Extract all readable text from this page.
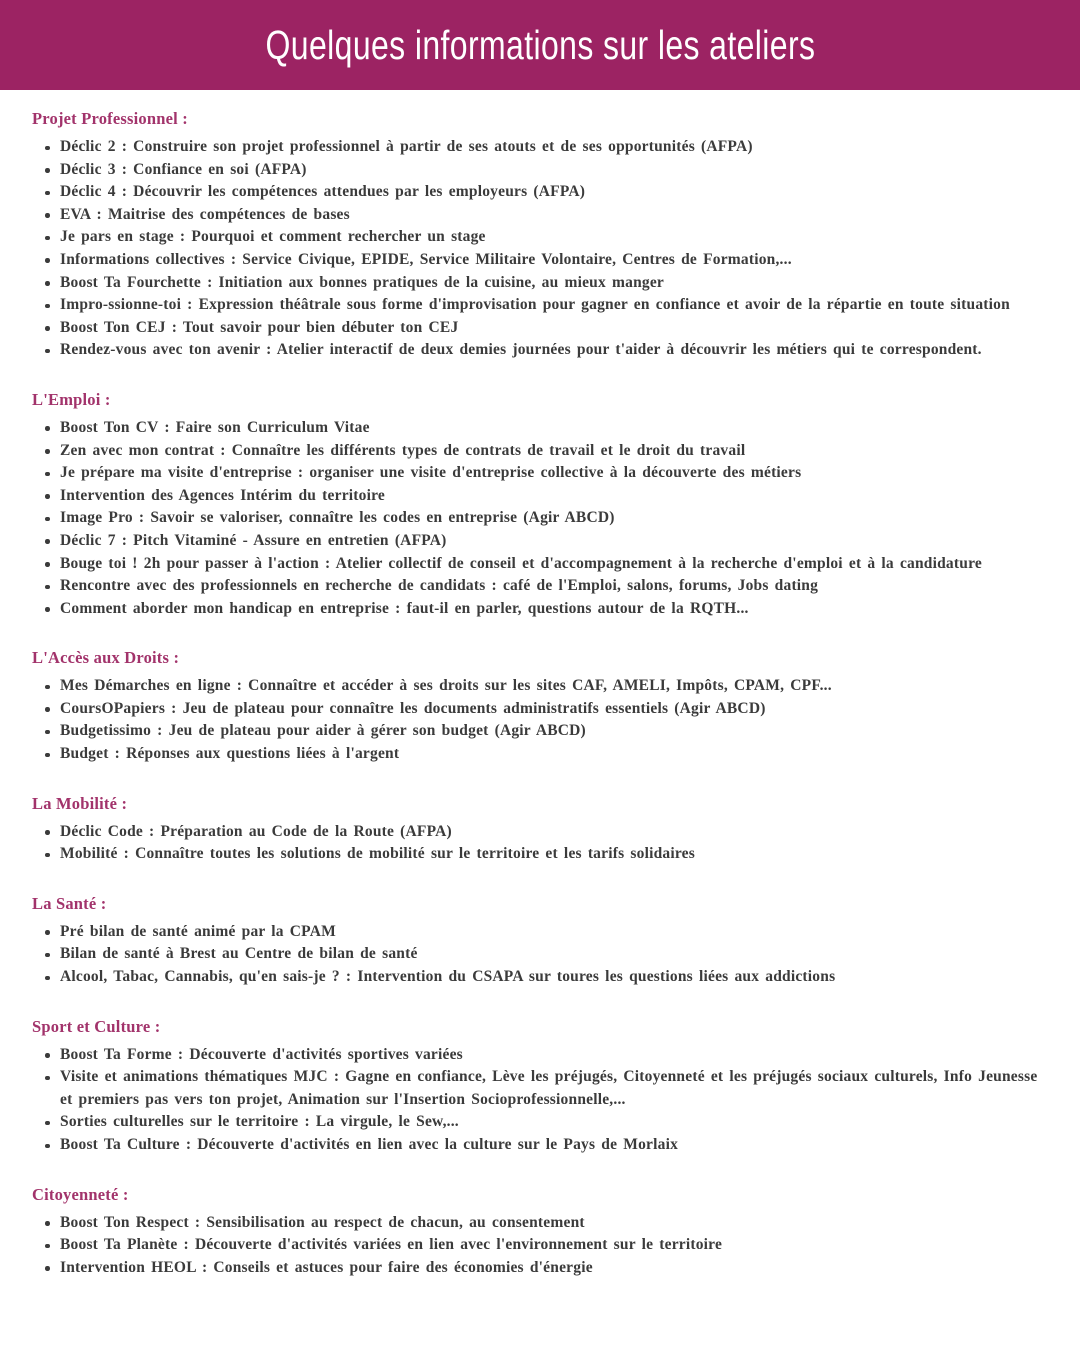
Quelques informations sur les ateliers
Projet Professionnel :
Déclic 2 : Construire son projet professionnel à partir de ses atouts et de ses opportunités (AFPA)
Déclic 3 : Confiance en soi (AFPA)
Déclic 4 : Découvrir les compétences attendues par les employeurs (AFPA)
EVA : Maitrise des compétences de bases
Je pars en stage : Pourquoi et comment rechercher un stage
Informations collectives : Service Civique, EPIDE, Service Militaire Volontaire, Centres de Formation,...
Boost Ta Fourchette : Initiation aux bonnes pratiques de la cuisine, au mieux manger
Impro-ssionne-toi : Expression théâtrale sous forme d'improvisation pour gagner en confiance et avoir de la répartie en toute situation
Boost Ton CEJ : Tout savoir pour bien débuter ton CEJ
Rendez-vous avec ton avenir : Atelier interactif de deux demies journées pour t'aider à découvrir les métiers qui te correspondent.
L'Emploi :
Boost Ton CV : Faire son Curriculum Vitae
Zen avec mon contrat : Connaître les différents types de contrats de travail et le droit du travail
Je prépare ma visite d'entreprise : organiser une visite d'entreprise collective à la découverte des métiers
Intervention des Agences Intérim du territoire
Image Pro : Savoir se valoriser, connaître les codes en entreprise (Agir ABCD)
Déclic 7 : Pitch Vitaminé - Assure en entretien (AFPA)
Bouge toi ! 2h pour passer à l'action : Atelier collectif de conseil et d'accompagnement à la recherche d'emploi et à la candidature
Rencontre avec des professionnels en recherche de candidats : café de l'Emploi, salons, forums, Jobs dating
Comment aborder mon handicap en entreprise : faut-il en parler, questions autour de la RQTH...
L'Accès aux Droits :
Mes Démarches en ligne : Connaître et accéder à ses droits sur les sites CAF, AMELI, Impôts, CPAM, CPF...
CoursOPapiers : Jeu de plateau pour connaître les documents administratifs essentiels (Agir ABCD)
Budgetissimo : Jeu de plateau pour aider à gérer son budget (Agir ABCD)
Budget : Réponses aux questions liées à l'argent
La Mobilité :
Déclic Code : Préparation au Code de la Route (AFPA)
Mobilité : Connaître toutes les solutions de mobilité sur le territoire et les tarifs solidaires
La Santé :
Pré bilan de santé animé par la CPAM
Bilan de santé à Brest au Centre de bilan de santé
Alcool, Tabac, Cannabis, qu'en sais-je ? : Intervention du CSAPA sur toures les questions liées aux addictions
Sport et Culture :
Boost Ta Forme : Découverte d'activités sportives variées
Visite et animations thématiques MJC : Gagne en confiance, Lève les préjugés, Citoyenneté et les préjugés sociaux culturels, Info Jeunesse et premiers pas vers ton projet, Animation sur l'Insertion Socioprofessionnelle,...
Sorties culturelles sur le territoire : La virgule, le Sew,...
Boost Ta Culture : Découverte d'activités en lien avec la culture sur le Pays de Morlaix
Citoyenneté :
Boost Ton Respect : Sensibilisation au respect de chacun, au consentement
Boost Ta Planète : Découverte d'activités variées en lien avec l'environnement sur le territoire
Intervention HEOL : Conseils et astuces pour faire des économies d'énergie
